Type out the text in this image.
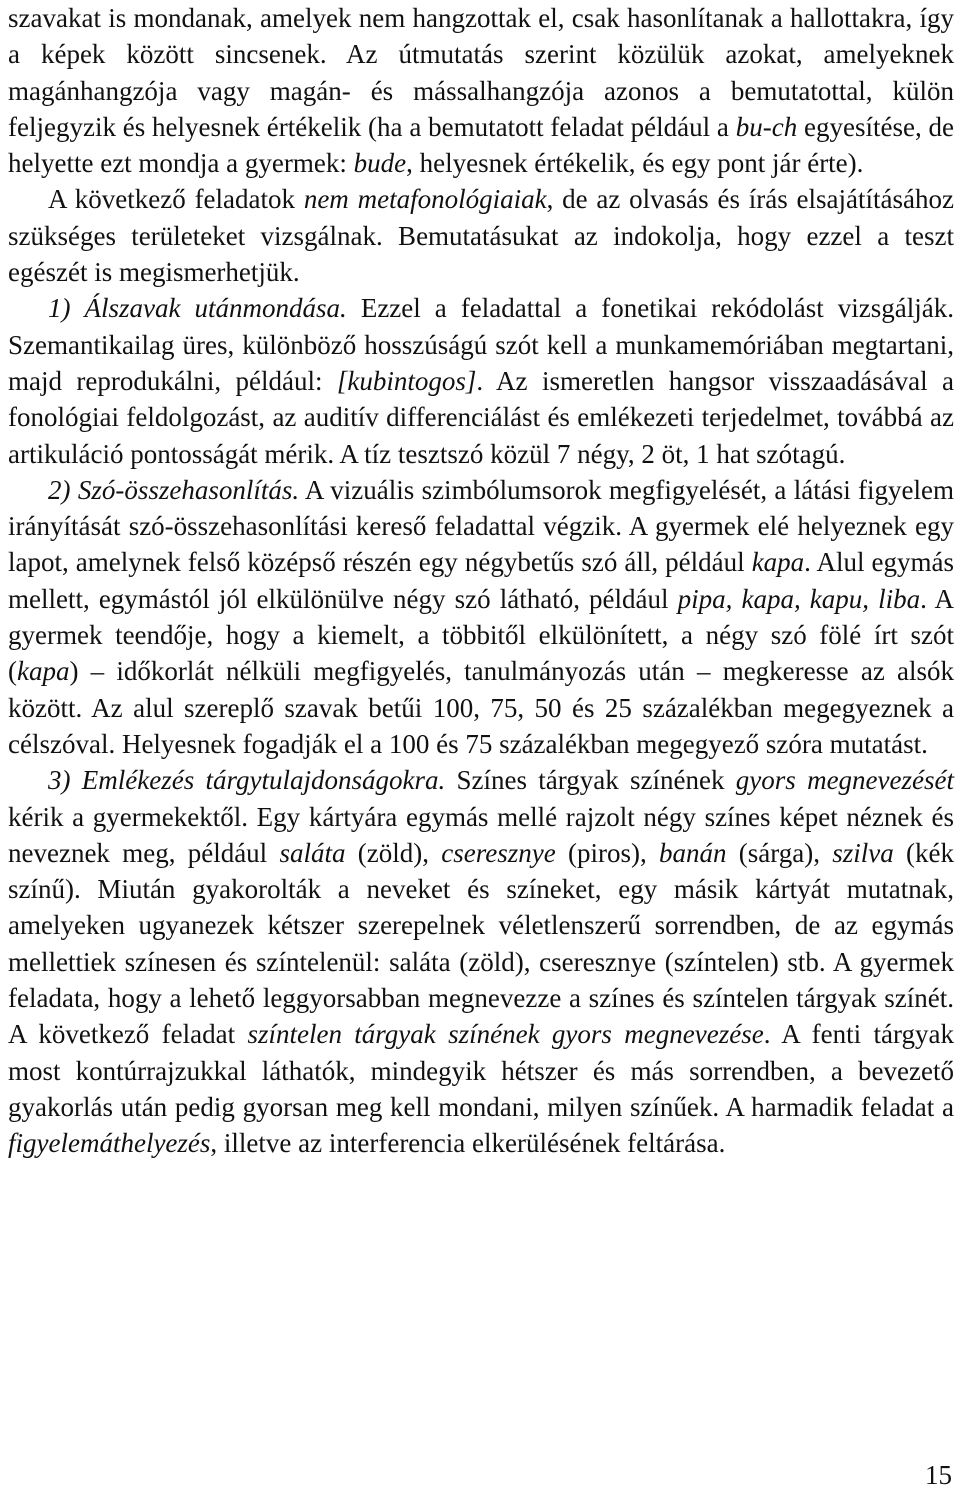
szavakat is mondanak, amelyek nem hangzottak el, csak hasonlítanak a hallottakra, így a képek között sincsenek. Az útmutatás szerint közülük azokat, amelyeknek magánhangzója vagy magán- és mássalhangzója azonos a bemutatottal, külön feljegyzik és helyesnek értékelik (ha a bemutatott feladat például a bu-ch egyesítése, de helyette ezt mondja a gyermek: bude, helyesnek értékelik, és egy pont jár érte).

A következő feladatok nem metafonológiaiak, de az olvasás és írás elsajátításához szükséges területeket vizsgálnak. Bemutatásukat az indokolja, hogy ezzel a teszt egészét is megismerhetjük.

1) Álszavak utánmondása. Ezzel a feladattal a fonetikai rekódolást vizsgálják. Szemantikailag üres, különböző hosszúságú szót kell a munkamemóriában megtartani, majd reprodukálni, például: [kubintogos]. Az ismeretlen hangsor visszaadásával a fonológiai feldolgozást, az auditív differenciálást és emlékezeti terjedelmet, továbbá az artikuláció pontosságát mérik. A tíz tesztszó közül 7 négy, 2 öt, 1 hat szótagú.

2) Szó-összehasonlítás. A vizuális szimbólumsorok megfigyelését, a látási figyelem irányítását szó-összehasonlítási kereső feladattal végzik. A gyermek elé helyeznek egy lapot, amelynek felső középső részén egy négybetűs szó áll, például kapa. Alul egymás mellett, egymástól jól elkülönülve négy szó látható, például pipa, kapa, kapu, liba. A gyermek teendője, hogy a kiemelt, a többitől elkülönített, a négy szó fölé írt szót (kapa) – időkorlát nélküli megfigyelés, tanulmányozás után – megkeresse az alsók között. Az alul szereplő szavak betűi 100, 75, 50 és 25 százalékban megegyeznek a célszóval. Helyesnek fogadják el a 100 és 75 százalékban megegyező szóra mutatást.

3) Emlékezés tárgytulajdonságokra. Színes tárgyak színének gyors megnevezését kérik a gyermekektől. Egy kártyára egymás mellé rajzolt négy színes képet néznek és neveznek meg, például saláta (zöld), cseresznye (piros), banán (sárga), szilva (kék színű). Miután gyakorolták a neveket és színeket, egy másik kártyát mutatnak, amelyeken ugyanezek kétszer szerepelnek véletlenszerű sorrendben, de az egymás mellettiek színesen és színtelenül: saláta (zöld), cseresznye (színtelen) stb. A gyermek feladata, hogy a lehető leggyorsabban megnevezze a színes és színtelen tárgyak színét. A következő feladat színtelen tárgyak színének gyors megnevezése. A fenti tárgyak most kontúrrajzukkal láthatók, mindegyik hétszer és más sorrendben, a bevezető gyakorlás után pedig gyorsan meg kell mondani, milyen színűek. A harmadik feladat a figyelemáthelyezés, illetve az interferencia elkerülésének feltárása.

15
